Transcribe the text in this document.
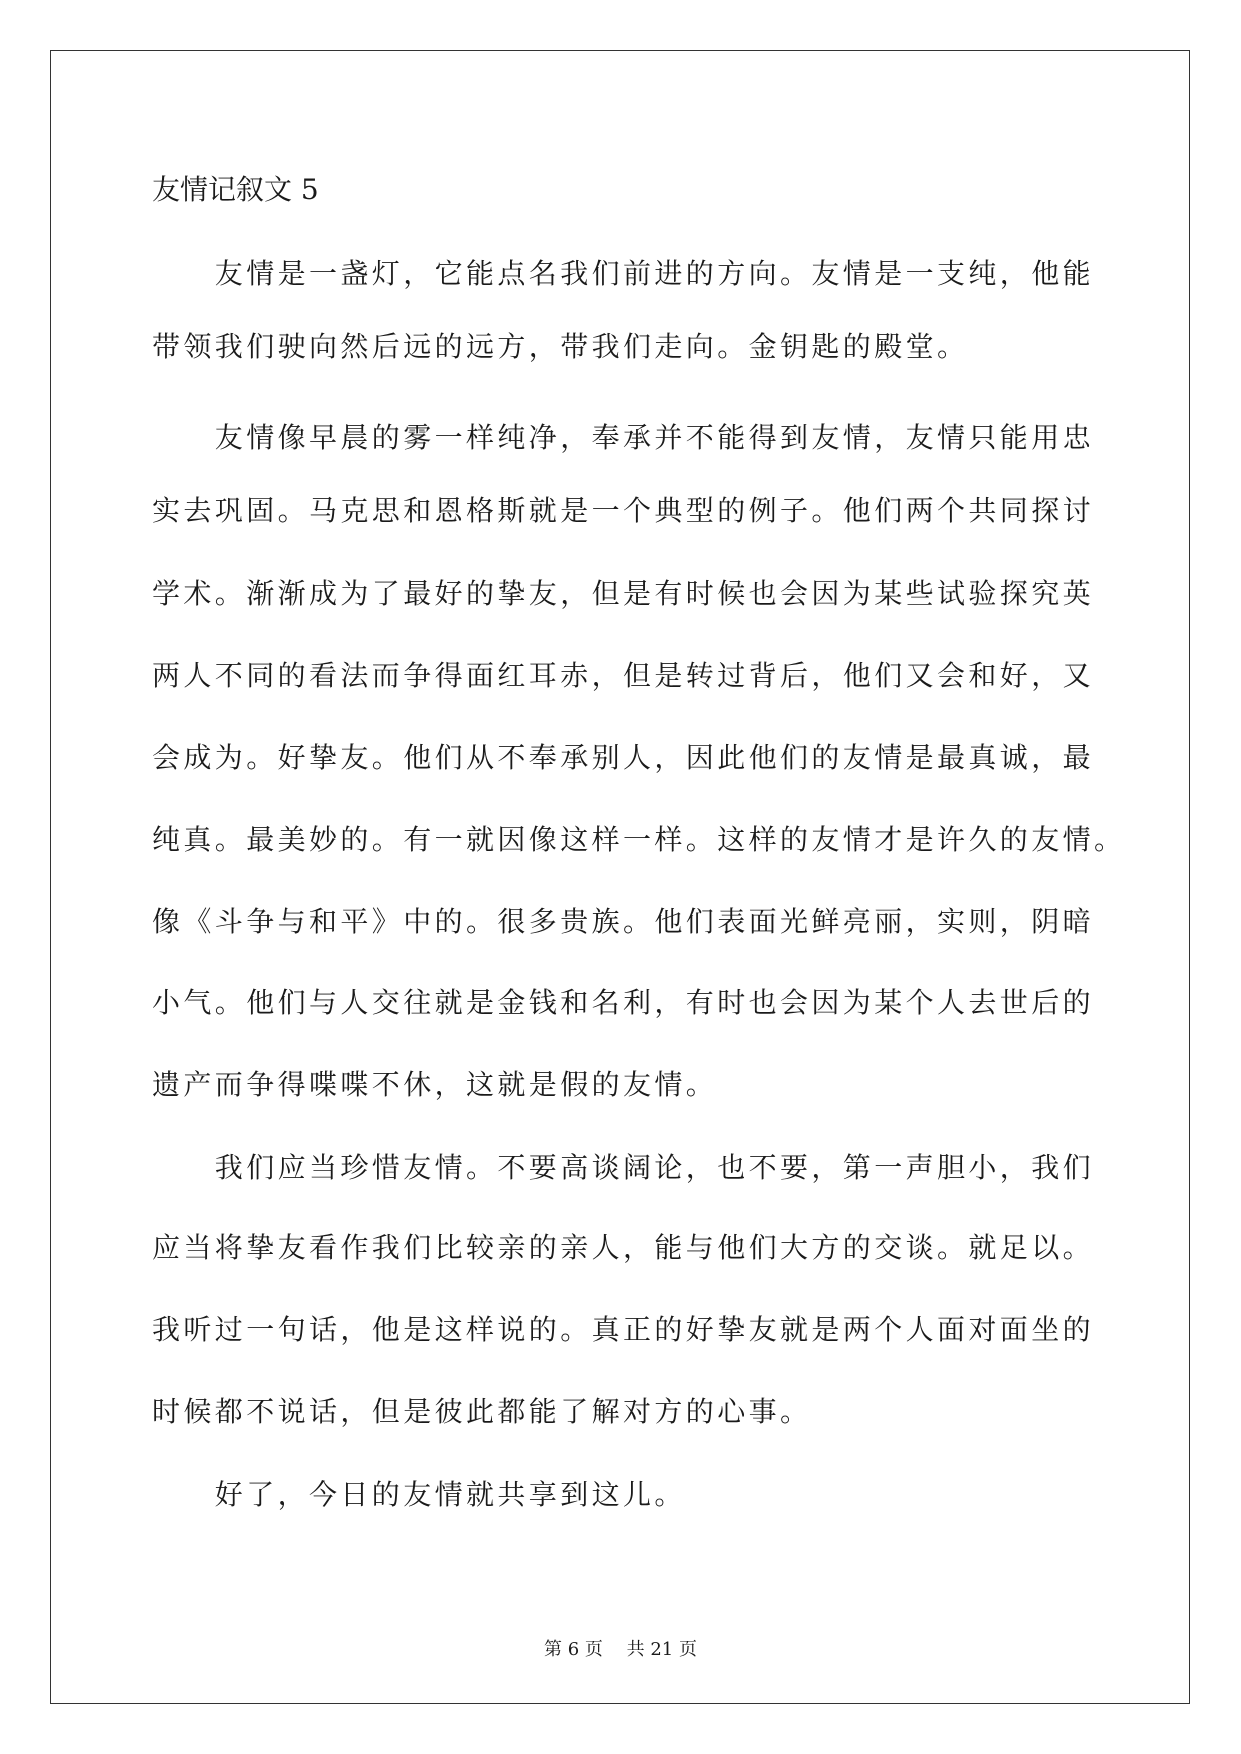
友情记叙文 5
　　友情是一盏灯，它能点名我们前进的方向。友情是一支纯，他能
带领我们驶向然后远的远方，带我们走向。金钥匙的殿堂。
　　友情像早晨的雾一样纯净，奉承并不能得到友情，友情只能用忠
实去巩固。马克思和恩格斯就是一个典型的例子。他们两个共同探讨
学术。渐渐成为了最好的挚友，但是有时候也会因为某些试验探究英
两人不同的看法而争得面红耳赤，但是转过背后，他们又会和好，又
会成为。好挚友。他们从不奉承别人，因此他们的友情是最真诚，最
纯真。最美妙的。有一就因像这样一样。这样的友情才是许久的友情。
像《斗争与和平》中的。很多贵族。他们表面光鲜亮丽，实则，阴暗
小气。他们与人交往就是金钱和名利，有时也会因为某个人去世后的
遗产而争得喋喋不休，这就是假的友情。
　　我们应当珍惜友情。不要高谈阔论，也不要，第一声胆小，我们
应当将挚友看作我们比较亲的亲人，能与他们大方的交谈。就足以。
我听过一句话，他是这样说的。真正的好挚友就是两个人面对面坐的
时候都不说话，但是彼此都能了解对方的心事。
　　好了，今日的友情就共享到这儿。
第 6 页　 共 21 页
